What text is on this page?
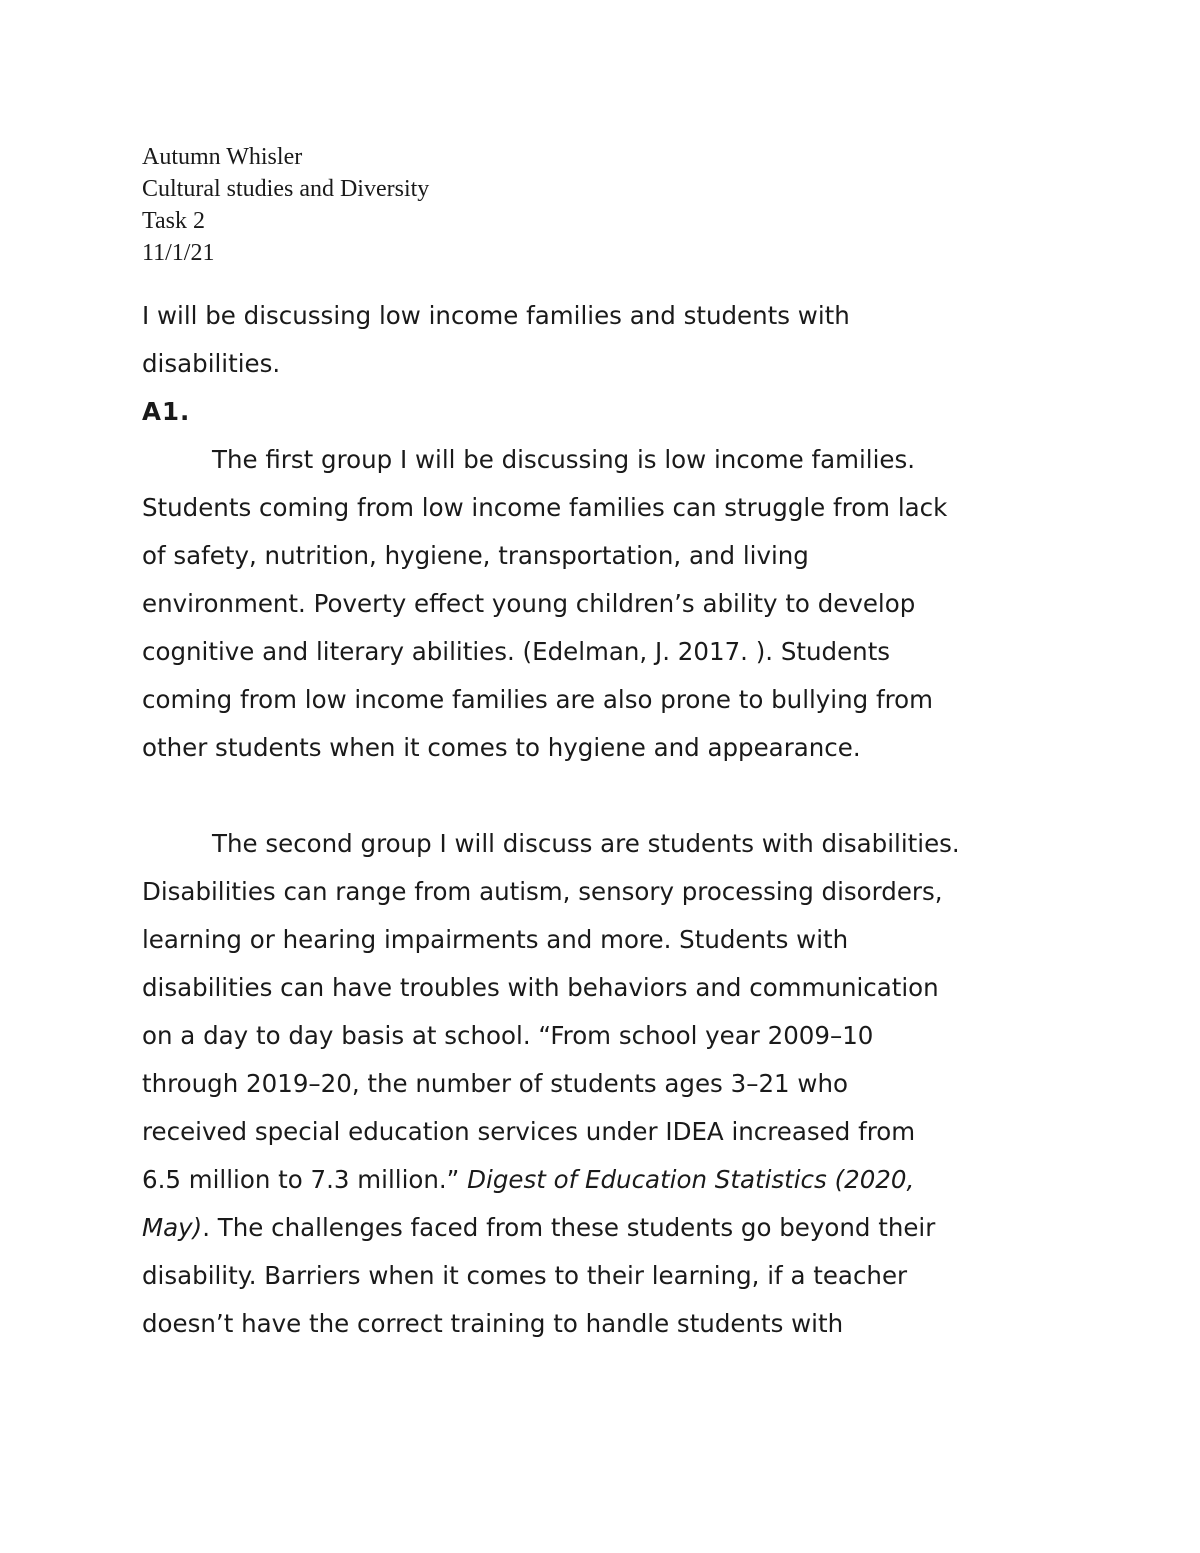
Autumn Whisler
Cultural studies and Diversity
Task 2
11/1/21
I will be discussing low income families and students with
disabilities.
A1.
The first group I will be discussing is low income families.
Students coming from low income families can struggle from lack
of safety, nutrition, hygiene, transportation, and living
environment. Poverty effect young children’s ability to develop
cognitive and literary abilities. (Edelman, J. 2017. ). Students
coming from low income families are also prone to bullying from
other students when it comes to hygiene and appearance.
The second group I will discuss are students with disabilities.
Disabilities can range from autism, sensory processing disorders,
learning or hearing impairments and more. Students with
disabilities can have troubles with behaviors and communication
on a day to day basis at school. “From school year 2009–10
through 2019–20, the number of students ages 3–21 who
received special education services under IDEA increased from
6.5 million to 7.3 million.” Digest of Education Statistics (2020,
May). The challenges faced from these students go beyond their
disability. Barriers when it comes to their learning, if a teacher
doesn’t have the correct training to handle students with
